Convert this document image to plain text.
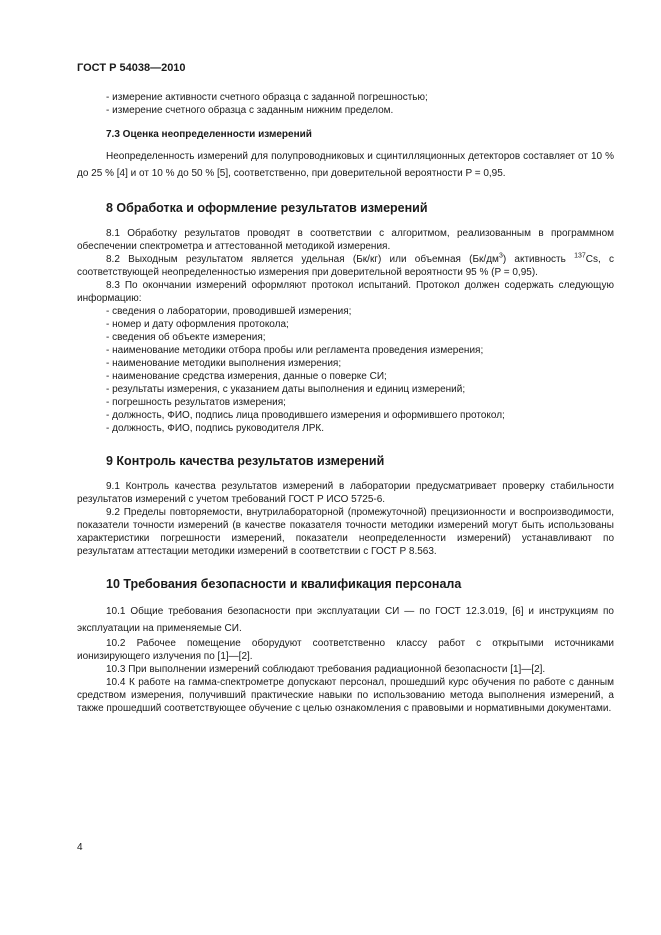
ГОСТ Р 54038—2010
- измерение активности счетного образца с заданной погрешностью;
- измерение счетного образца с заданным нижним пределом.
7.3 Оценка неопределенности измерений
Неопределенность измерений для полупроводниковых и сцинтилляционных детекторов составляет от 10 % до 25 % [4] и от 10 % до 50 % [5], соответственно, при доверительной вероятности P = 0,95.
8 Обработка и оформление результатов измерений
8.1 Обработку результатов проводят в соответствии с алгоритмом, реализованным в программном обеспечении спектрометра и аттестованной методикой измерения.
8.2 Выходным результатом является удельная (Бк/кг) или объемная $(Бк/дм^3)$ активность $^{137}$Cs, с соответствующей неопределенностью измерения при доверительной вероятности 95 % (P = 0,95).
8.3 По окончании измерений оформляют протокол испытаний. Протокол должен содержать следующую информацию:
- сведения о лаборатории, проводившей измерения;
- номер и дату оформления протокола;
- сведения об объекте измерения;
- наименование методики отбора пробы или регламента проведения измерения;
- наименование методики выполнения измерения;
- наименование средства измерения, данные о поверке СИ;
- результаты измерения, с указанием даты выполнения и единиц измерений;
- погрешность результатов измерения;
- должность, ФИО, подпись лица проводившего измерения и оформившего протокол;
- должность, ФИО, подпись руководителя ЛРК.
9 Контроль качества результатов измерений
9.1 Контроль качества результатов измерений в лаборатории предусматривает проверку стабильности результатов измерений с учетом требований ГОСТ Р ИСО 5725-6.
9.2 Пределы повторяемости, внутрилабораторной (промежуточной) прецизионности и воспроизводимости, показатели точности измерений (в качестве показателя точности методики измерений могут быть использованы характеристики погрешности измерений, показатели неопределенности измерений) устанавливают по результатам аттестации методики измерений в соответствии с ГОСТ Р 8.563.
10 Требования безопасности и квалификация персонала
10.1 Общие требования безопасности при эксплуатации СИ — по ГОСТ 12.3.019, [6] и инструкциям по эксплуатации на применяемые СИ.
10.2 Рабочее помещение оборудуют соответственно классу работ с открытыми источниками ионизирующего излучения по [1]—[2].
10.3 При выполнении измерений соблюдают требования радиационной безопасности [1]—[2].
10.4 К работе на гамма-спектрометре допускают персонал, прошедший курс обучения по работе с данным средством измерения, получивший практические навыки по использованию метода выполнения измерений, а также прошедший соответствующее обучение с целью ознакомления с правовыми и нормативными документами.
4
